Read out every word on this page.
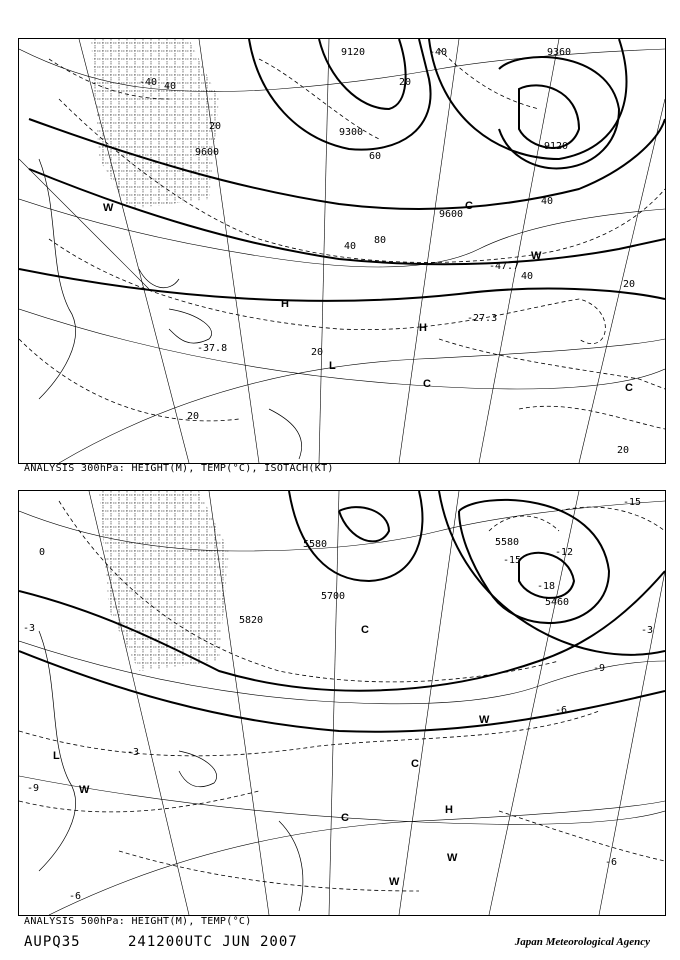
9120
9300
9600
9120
9600
9360
20
40
60
80
40
20
40
20
40
20
20
20
-40
-27.3
-37.8
-47.7
-40
W
H
H
L
C	C
C
W
ANALYSIS 300hPa: HEIGHT(M), TEMP(°C), ISOTACH(KT)
5580
5700
5820
5580
5460
0
-3
-6
-9
-12
-15
-18
-15
-3
-6
-9
-6
-3
L
W
C
W
C
H
W
W
C
ANALYSIS 500hPa: HEIGHT(M), TEMP(°C)
AUPQ35	241200UTC JUN 2007	Japan Meteorological Agency
